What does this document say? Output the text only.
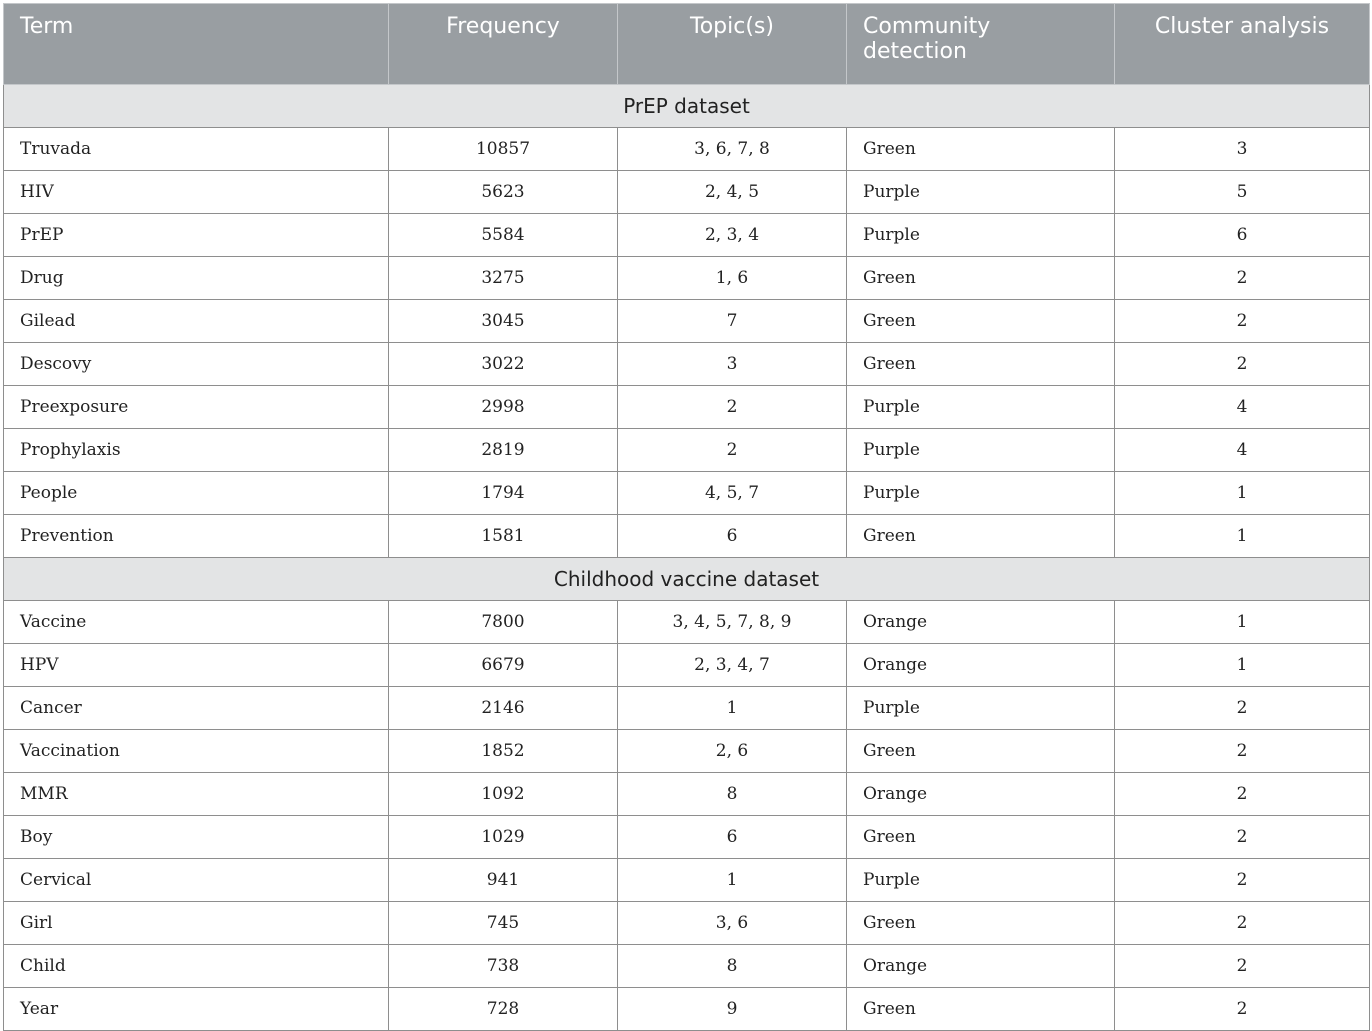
Term	Frequency	Topic(s)	Community detection	Cluster analysis
PrEP dataset				
Truvada	10857	3, 6, 7, 8	Green	3
HIV	5623	2, 4, 5	Purple	5
PrEP	5584	2, 3, 4	Purple	6
Drug	3275	1, 6	Green	2
Gilead	3045	7	Green	2
Descovy	3022	3	Green	2
Preexposure	2998	2	Purple	4
Prophylaxis	2819	2	Purple	4
People	1794	4, 5, 7	Purple	1
Prevention	1581	6	Green	1
Childhood vaccine dataset				
Vaccine	7800	3, 4, 5, 7, 8, 9	Orange	1
HPV	6679	2, 3, 4, 7	Orange	1
Cancer	2146	1	Purple	2
Vaccination	1852	2, 6	Green	2
MMR	1092	8	Orange	2
Boy	1029	6	Green	2
Cervical	941	1	Purple	2
Girl	745	3, 6	Green	2
Child	738	8	Orange	2
Year	728	9	Green	2
